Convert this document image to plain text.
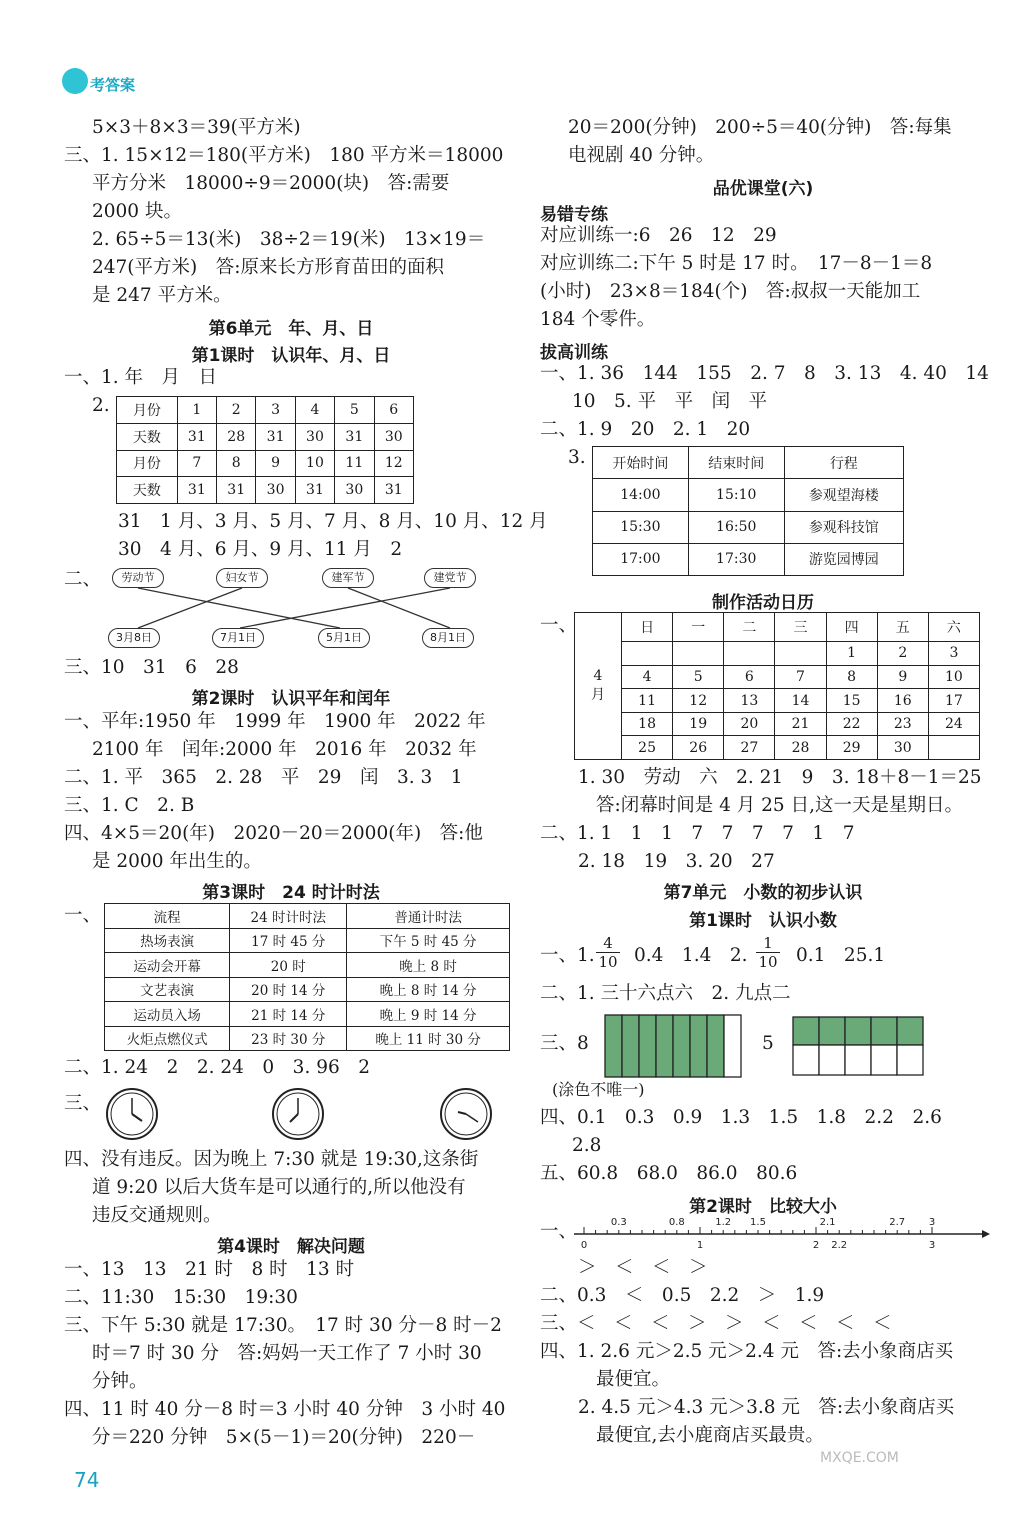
考答案
5×3＋8×3＝39(平方米)
三、1. 15×12＝180(平方米)　180 平方米＝18000
平方分米　18000÷9＝2000(块)　答:需要
2000 块。
2. 65÷5＝13(米)　38÷2＝19(米)　13×19＝
247(平方米)　答:原来长方形育苗田的面积
是 247 平方米。
第6单元　年、月、日
第1课时　认识年、月、日
一、1. 年　月　日
2. 月份	1	2	3	4	5	6
天数	31	28	31	30	31	30
月份	7	8	9	10	11	12
天数	31	31	30	31	30	31
31　1 月、3 月、5 月、7 月、8 月、10 月、12 月
30　4 月、6 月、9 月、11 月　2
二、	劳动节	妇女节	建军节	建党节
3月8日	7月1日	5月1日	8月1日
三、10　31　6　28
第2课时　认识平年和闰年
一、平年:1950 年　1999 年　1900 年　2022 年
2100 年　闰年:2000 年　2016 年　2032 年
二、1. 平　365　2. 28　平　29　闰　3. 3　1
三、1. C　2. B
四、4×5＝20(年)　2020－20＝2000(年)　答:他
是 2000 年出生的。
第3课时　24 时计时法
一、	流程	24 时计时法	普通计时法
热场表演	17 时 45 分	下午 5 时 45 分
运动会开幕	20 时	晚上 8 时
文艺表演	20 时 14 分	晚上 8 时 14 分
运动员入场	21 时 14 分	晚上 9 时 14 分
火炬点燃仪式	23 时 30 分	晚上 11 时 30 分
二、1. 24　2　2. 24　0　3. 96　2
三、
四、没有违反。因为晚上 7:30 就是 19:30,这条街
道 9:20 以后大货车是可以通行的,所以他没有
违反交通规则。
第4课时　解决问题
一、13　13　21 时　8 时　13 时
二、11:30　15:30　19:30
三、下午 5:30 就是 17:30。　17 时 30 分－8 时－2
时＝7 时 30 分　答:妈妈一天工作了 7 小时 30
分钟。
四、11 时 40 分－8 时＝3 小时 40 分钟　3 小时 40
分＝220 分钟　5×(5－1)＝20(分钟)　220－
20＝200(分钟)　200÷5＝40(分钟)　答:每集
电视剧 40 分钟。
品优课堂(六)
易错专练
对应训练一:6　26　12　29
对应训练二:下午 5 时是 17 时。　17－8－1＝8
(小时)　23×8＝184(个)　答:叔叔一天能加工
184 个零件。
拔高训练
一、1. 36　144　155　2. 7　8　3. 13　4. 40　14
10　5. 平　平　闰　平
二、1. 9　20　2. 1　20
3. 开始时间	结束时间	行程
14:00	15:10	参观望海楼
15:30	16:50	参观科技馆
17:00	17:30	游览园博园
制作活动日历
一、
4
月	日	一	二	三	四	五	六
					1	2	3
	4	5	6	7	8	9	10
	11	12	13	14	15	16	17
	18	19	20	21	22	23	24
	25	26	27	28	29	30	
1. 30　劳动　六　2. 21　9　3. 18＋8－1＝25
答:闭幕时间是 4 月 25 日,这一天是星期日。
二、1. 1　1　1　7　7　7　7　1　7
2. 18　19　3. 20　27
第7单元　小数的初步认识
第1课时　认识小数
一、1. $\frac{4}{10} 0.4$　1.4　2. $\frac{1}{10} 0.1$　25.1
二、1. 三十六点六　2. 九点二
三、8	5
(涂色不唯一)
四、0.1　0.3　0.9　1.3　1.5　1.8　2.2　2.6
2.8
五、60.8　68.0　86.0　80.6
第2课时　比较大小
一、	0.3	0.8	1.2 1.5	2.1	2.7 3
0	1	2 2.2	3
＞　＜　＜　＞
二、0.3　＜　0.5　2.2　＞　1.9
三、＜　＜　＜　＞　＞　＜　＜　＜　＜
四、1. 2.6 元＞2.5 元＞2.4 元　答:去小象商店买
最便宜。
2. 4.5 元＞4.3 元＞3.8 元　答:去小象商店买
最便宜,去小鹿商店买最贵。
74
MXQE.COM
